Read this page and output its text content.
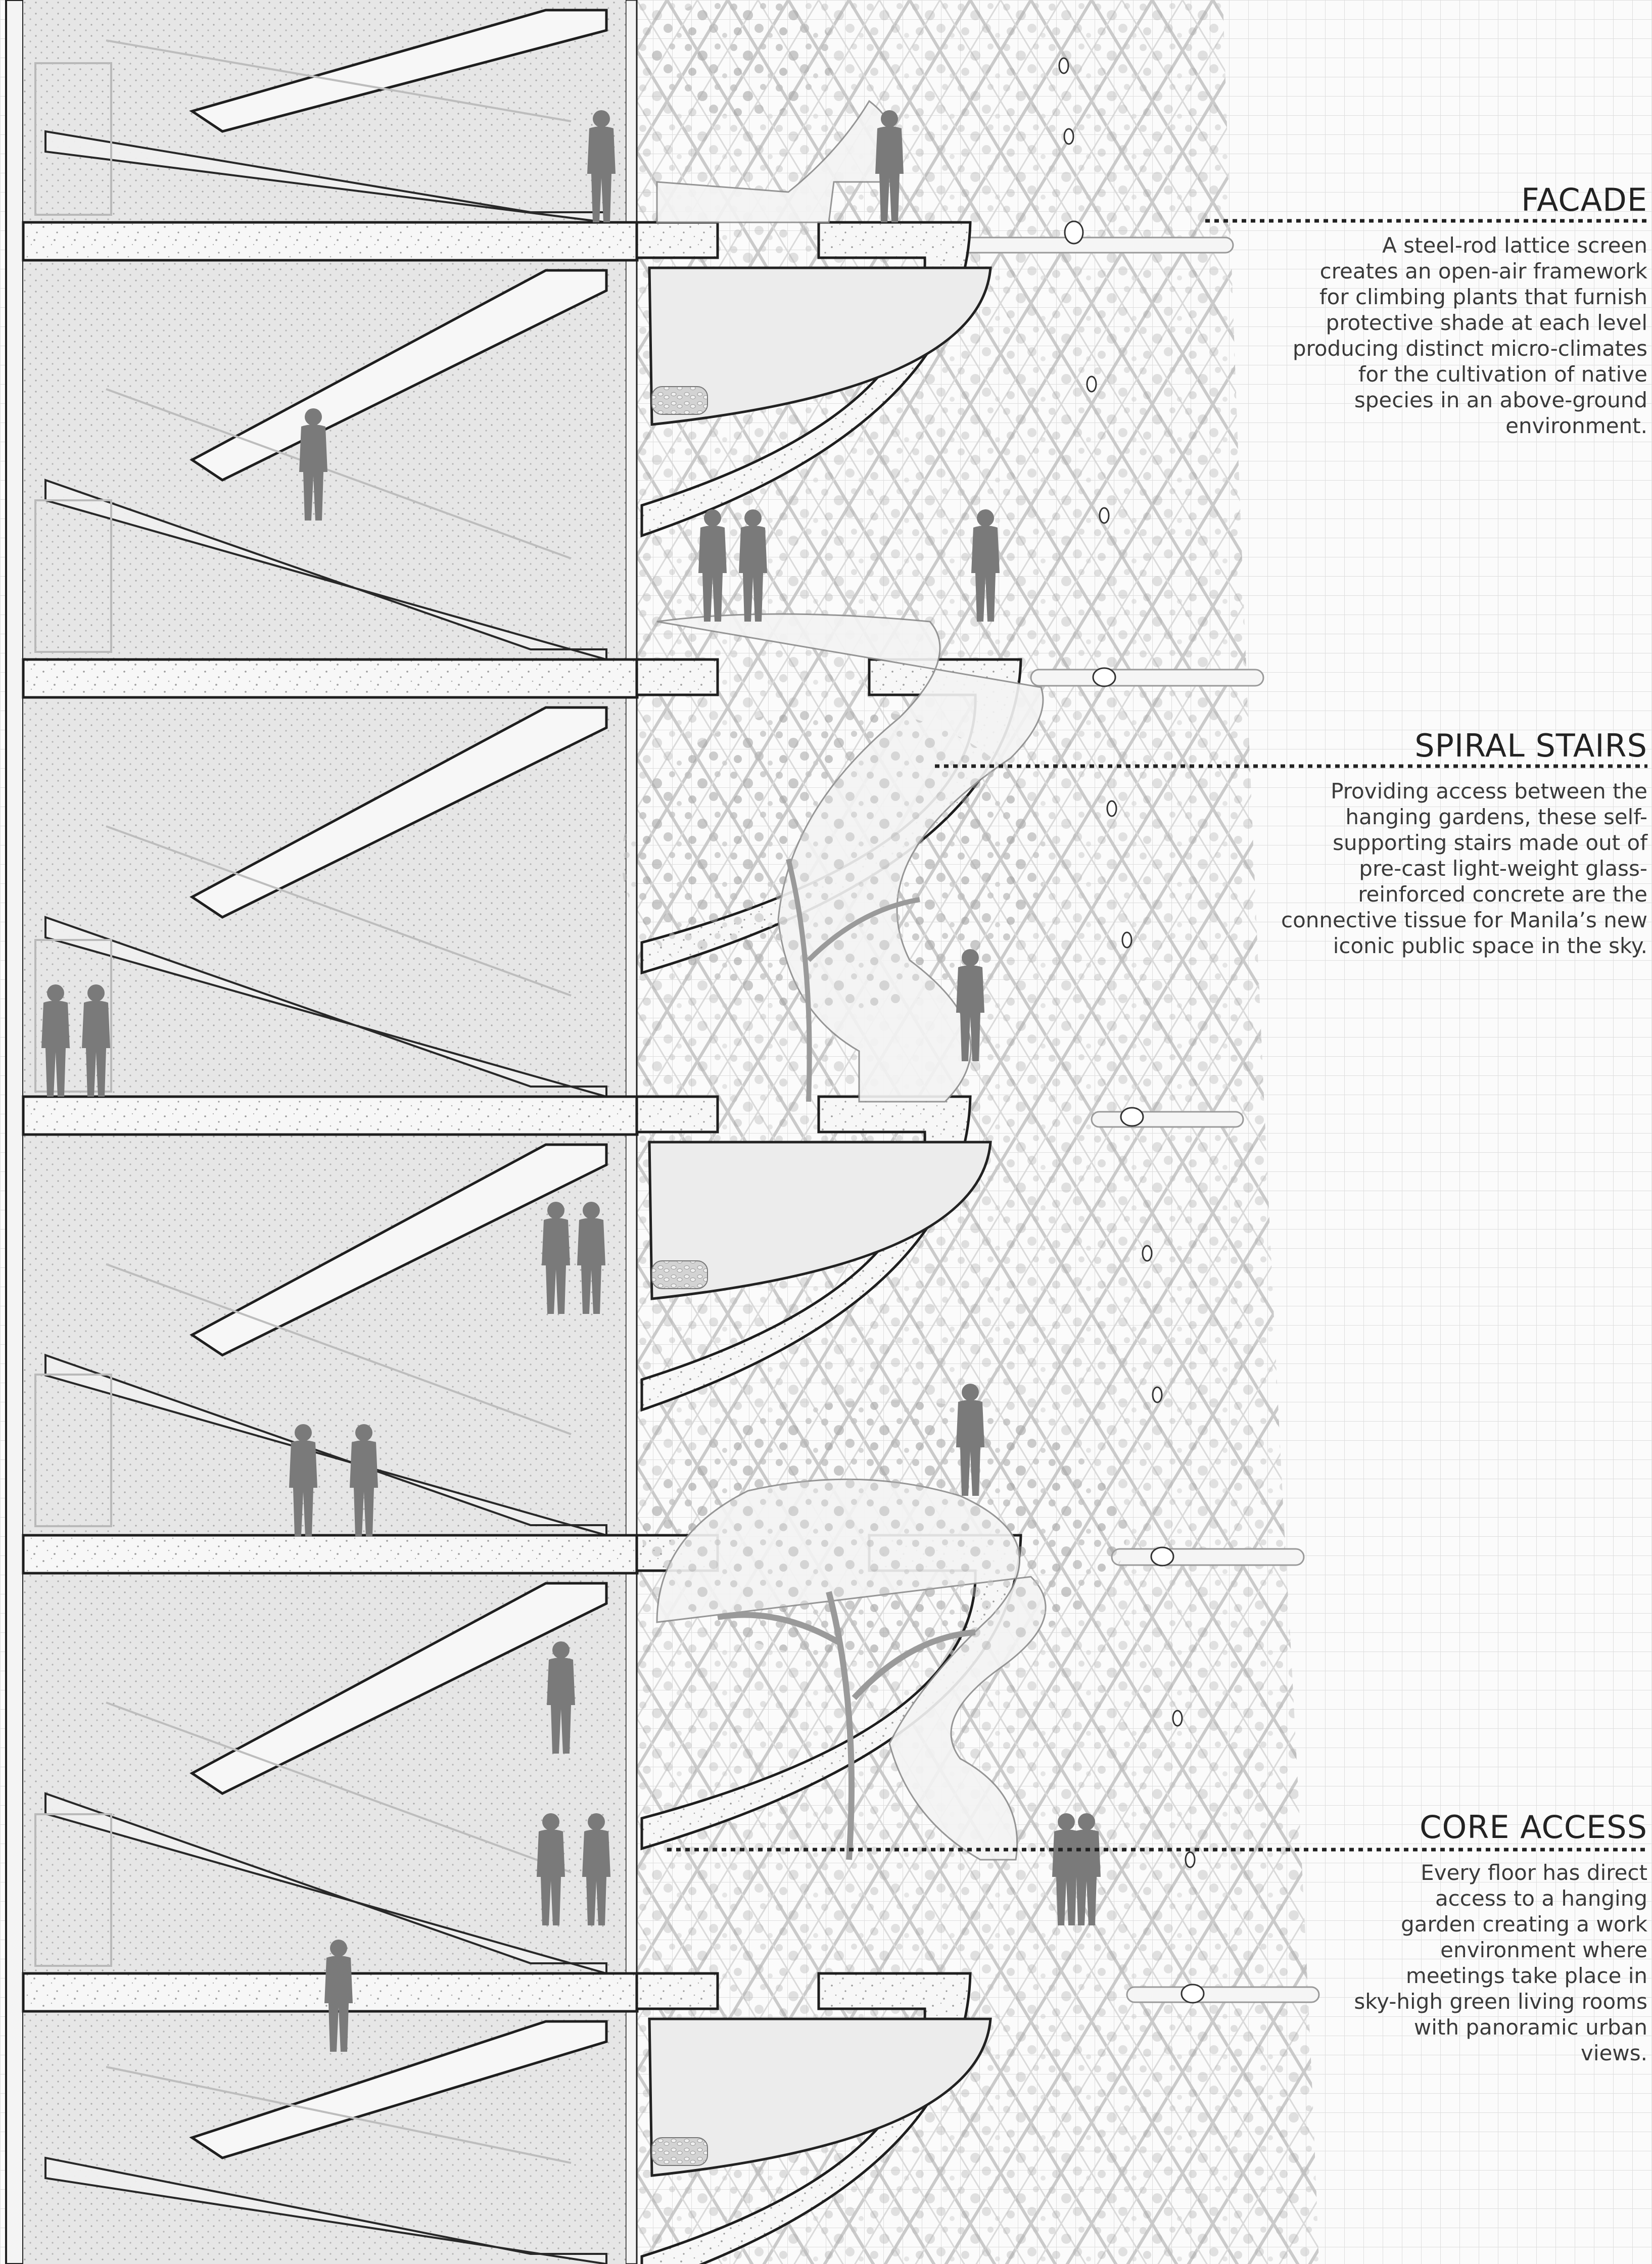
FACADE
A steel-rod lattice screen
creates an open-air framework
for climbing plants that furnish
protective shade at each level
producing distinct micro-climates
for the cultivation of native
species in an above-ground
environment.
SPIRAL STAIRS
Providing access between the
hanging gardens, these self-
supporting stairs made out of
pre-cast light-weight glass-
reinforced concrete are the
connective tissue for Manila’s new
iconic public space in the sky.
CORE ACCESS
Every floor has direct
access to a hanging
garden creating a work
environment where
meetings take place in
sky-high green living rooms
with panoramic urban
views.
